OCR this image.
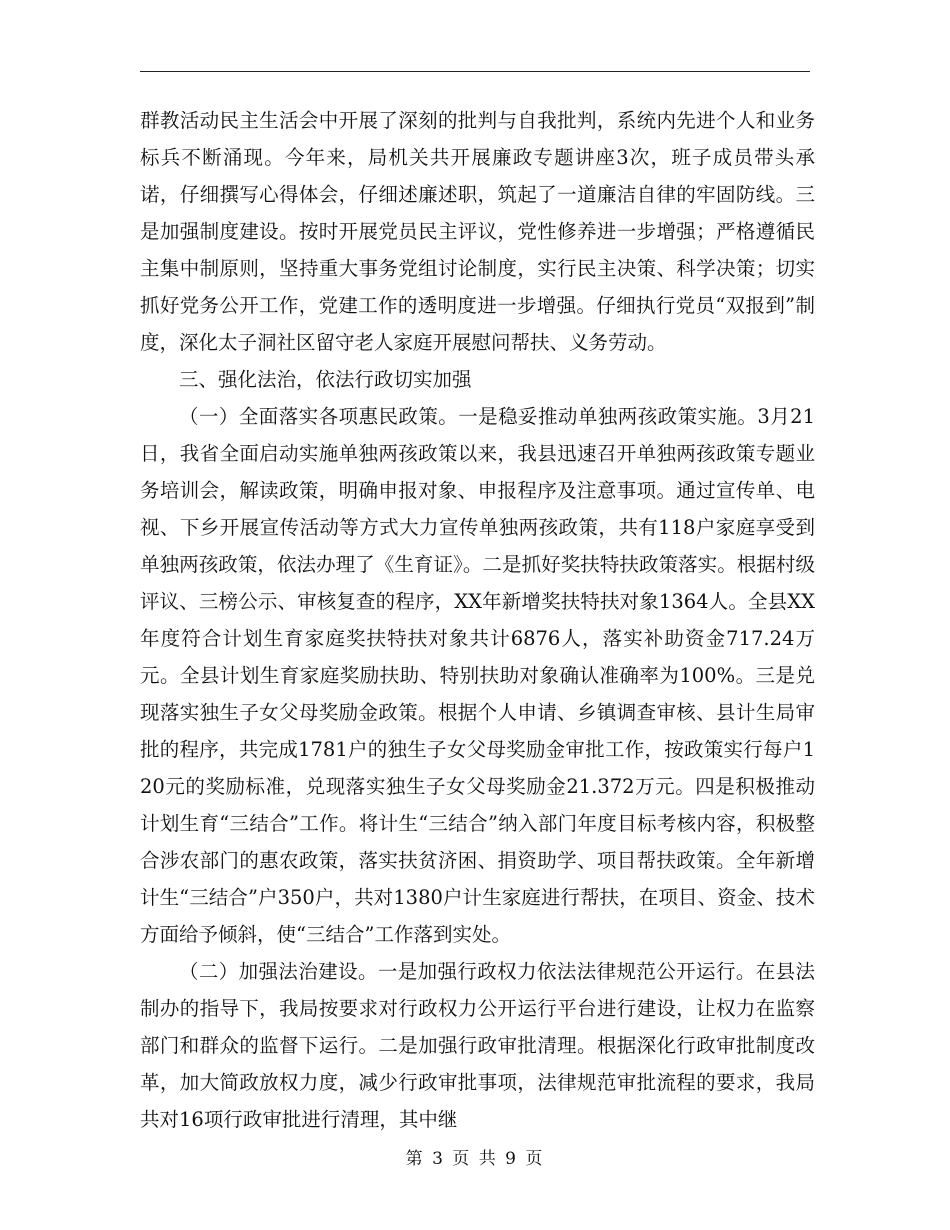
群教活动民主生活会中开展了深刻的批判与自我批判，系统内先进个人和业务标兵不断涌现。今年来，局机关共开展廉政专题讲座3次，班子成员带头承诺，仔细撰写心得体会，仔细述廉述职，筑起了一道廉洁自律的牢固防线。三是加强制度建设。按时开展党员民主评议，党性修养进一步增强；严格遵循民主集中制原则，坚持重大事务党组讨论制度，实行民主决策、科学决策；切实抓好党务公开工作，党建工作的透明度进一步增强。仔细执行党员“双报到”制度，深化太子洞社区留守老人家庭开展慰问帮扶、义务劳动。

三、强化法治，依法行政切实加强

（一）全面落实各项惠民政策。一是稳妥推动单独两孩政策实施。3月21日，我省全面启动实施单独两孩政策以来，我县迅速召开单独两孩政策专题业务培训会，解读政策，明确申报对象、申报程序及注意事项。通过宣传单、电视、下乡开展宣传活动等方式大力宣传单独两孩政策，共有118户家庭享受到单独两孩政策，依法办理了《生育证》。二是抓好奖扶特扶政策落实。根据村级评议、三榜公示、审核复查的程序，XX年新增奖扶特扶对象1364人。全县XX年度符合计划生育家庭奖扶特扶对象共计6876人，落实补助资金717.24万元。全县计划生育家庭奖励扶助、特别扶助对象确认准确率为100%。三是兑现落实独生子女父母奖励金政策。根据个人申请、乡镇调查审核、县计生局审批的程序，共完成1781户的独生子女父母奖励金审批工作，按政策实行每户120元的奖励标准，兑现落实独生子女父母奖励金21.372万元。四是积极推动计划生育“三结合”工作。将计生“三结合”纳入部门年度目标考核内容，积极整合涉农部门的惠农政策，落实扶贫济困、捐资助学、项目帮扶政策。全年新增计生“三结合”户350户，共对1380户计生家庭进行帮扶，在项目、资金、技术方面给予倾斜，使“三结合”工作落到实处。

（二）加强法治建设。一是加强行政权力依法法律规范公开运行。在县法制办的指导下，我局按要求对行政权力公开运行平台进行建设，让权力在监察部门和群众的监督下运行。二是加强行政审批清理。根据深化行政审批制度改革，加大简政放权力度，减少行政审批事项，法律规范审批流程的要求，我局共对16项行政审批进行清理，其中继

第 3 页 共 9 页
